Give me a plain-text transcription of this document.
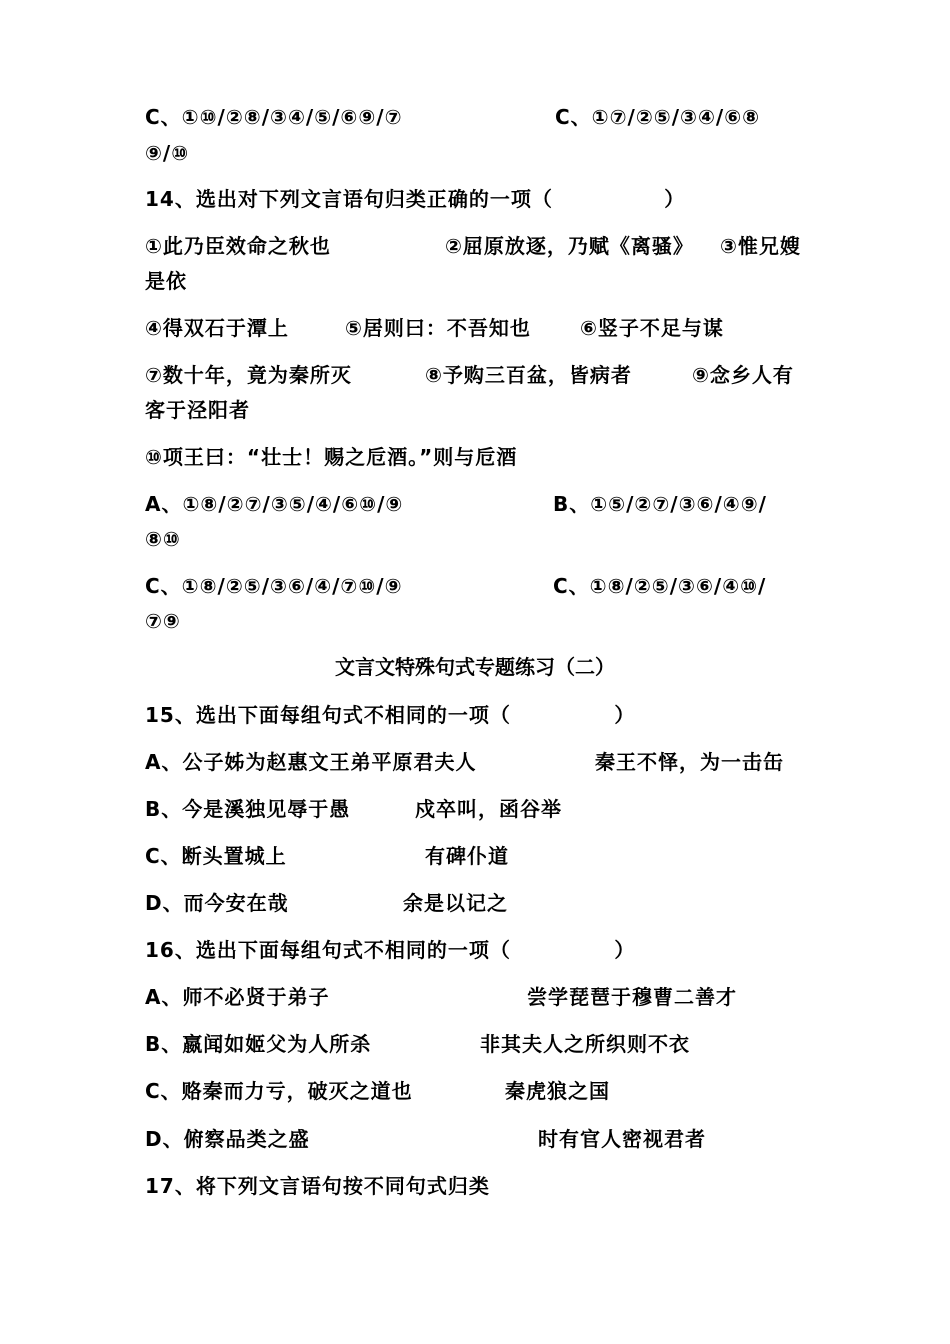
C、①⑩/②⑧/③④/⑤/⑥⑨/⑦	C、①⑦/②⑤/③④/⑥⑧
⑨/⑩
14、选出对下列文言语句归类正确的一项（              ）
①此乃臣效命之秋也	②屈原放逐，乃赋《离骚》 ③惟兄嫂
是依
④得双石于潭上	⑤居则曰：不吾知也 ⑥竖子不足与谋
⑦数十年，竟为秦所灭	⑧予购三百盆，皆病者	⑨念乡人有
客于泾阳者
⑩项王曰：“壮士！赐之卮酒。”则与卮酒
A、①⑧/②⑦/③⑤/④/⑥⑩/⑨	B、①⑤/②⑦/③⑥/④⑨/
⑧⑩
C、①⑧/②⑤/③⑥/④/⑦⑩/⑨	C、①⑧/②⑤/③⑥/④⑩/
⑦⑨
文言文特殊句式专题练习（二）
15、选出下面每组句式不相同的一项（             ）
A、公子姊为赵惠文王弟平原君夫人	秦王不怿，为一击缶
B、今是溪独见辱于愚	戍卒叫，函谷举
C、断头置城上	有碑仆道
D、而今安在哉	余是以记之
16、选出下面每组句式不相同的一项（             ）
A、师不必贤于弟子	尝学琵琶于穆曹二善才
B、嬴闻如姬父为人所杀	非其夫人之所织则不衣
C、赂秦而力亏，破灭之道也	秦虎狼之国
D、俯察品类之盛	时有官人密视君者
17、将下列文言语句按不同句式归类
